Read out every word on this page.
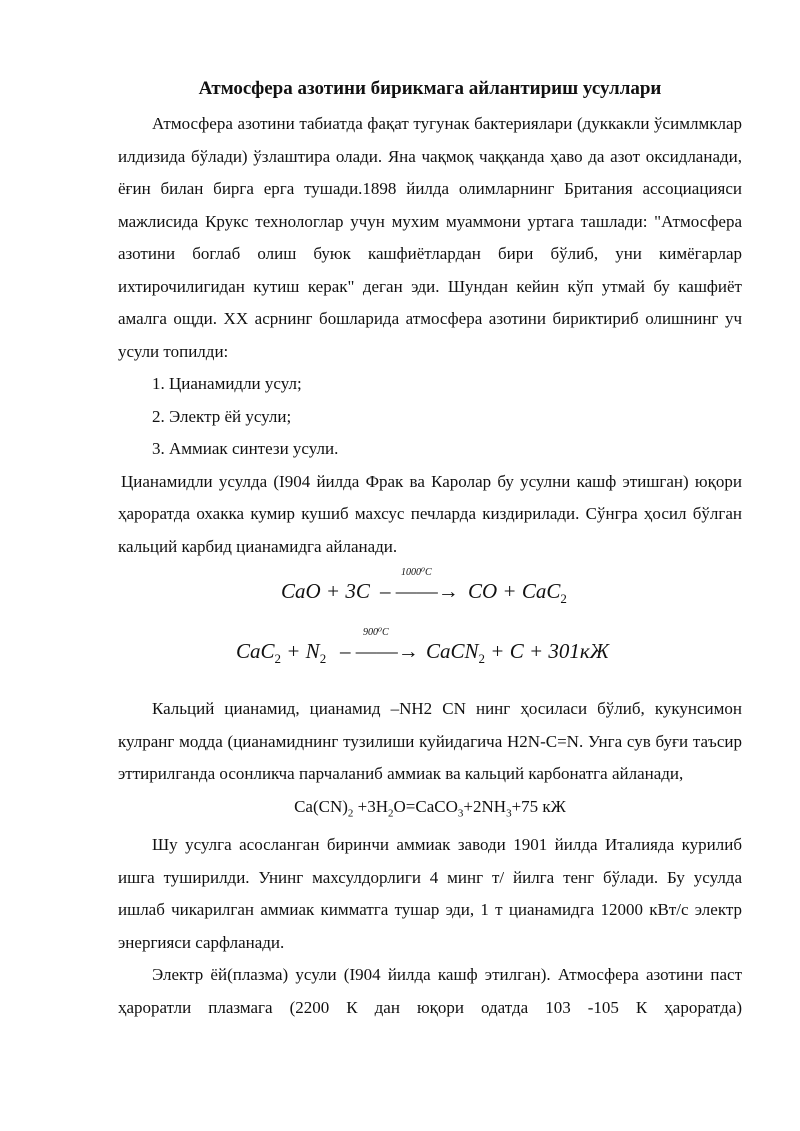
Атмосфера азотини бирикмага айлантириш усуллари

Атмосфера азотини табиатда фақат тугунак бактериялари (дуккакли ўсимлмклар илдизида бўлади) ўзлаштира олади. Яна чақмоқ чаққанда ҳаво да азот оксидланади, ёғин билан бирга ерга тушади.1898 йилда олимларнинг Британия ассоциацияси мажлисида Крукс технологлар учун мухим муаммони уртага ташлади: "Атмосфера азотини боглаб олиш буюк кашфиётлардан бири бўлиб, уни кимёгарлар ихтирочилигидан кутиш керак" деган эди. Шундан кейин кўп утмай бу кашфиёт амалга ощди. XX асрнинг бошларида атмосфера азотини бириктириб олишнинг уч усули топилди:

1. Цианамидли усул;

2. Электр ёй усули;

3. Аммиак синтези усули.

Цианамидли усулда (I904 йилда Фрак ва Каролар бу усулни кашф этишган) юқори ҳароратда охакка кумир кушиб махсус печларда киздирилади. Сўнгра ҳосил бўлган кальций карбид цианамидга айланади.

CaO + 3C
1000⁰C
– ——→ CO + CaC$_2$
$CaC_2 + N_2$
900⁰C
– ——→ CaCN$_2$ + C + 301кЖ

Кальций цианамид, цианамид –NH2 CN нинг ҳосиласи бўлиб, кукунсимон кулранг модда (цианамиднинг тузилиши куйидагича H2N-C=N. Унга сув буғи таъсир эттирилганда осонликча парчаланиб аммиак ва кальций карбонатга айланади,

$Ca(CN)_2$ $+3H_2O=CaCO_3+2NH_3+75$ кЖ

Шу усулга асосланган биринчи аммиак заводи 1901 йилда Италияда курилиб ишга туширилди. Унинг махсулдорлиги 4 минг т/ йилга тенг бўлади. Бу усулда ишлаб чикарилган аммиак кимматга тушар эди, 1 т цианамидга 12000 кВт/с электр энергияси сарфланади.

Электр ёй(плазма) усули (I904 йилда кашф этилган). Атмосфера азотини паст ҳароратли плазмага (2200 К дан юқори одатда 103 -105 К ҳароратда)
